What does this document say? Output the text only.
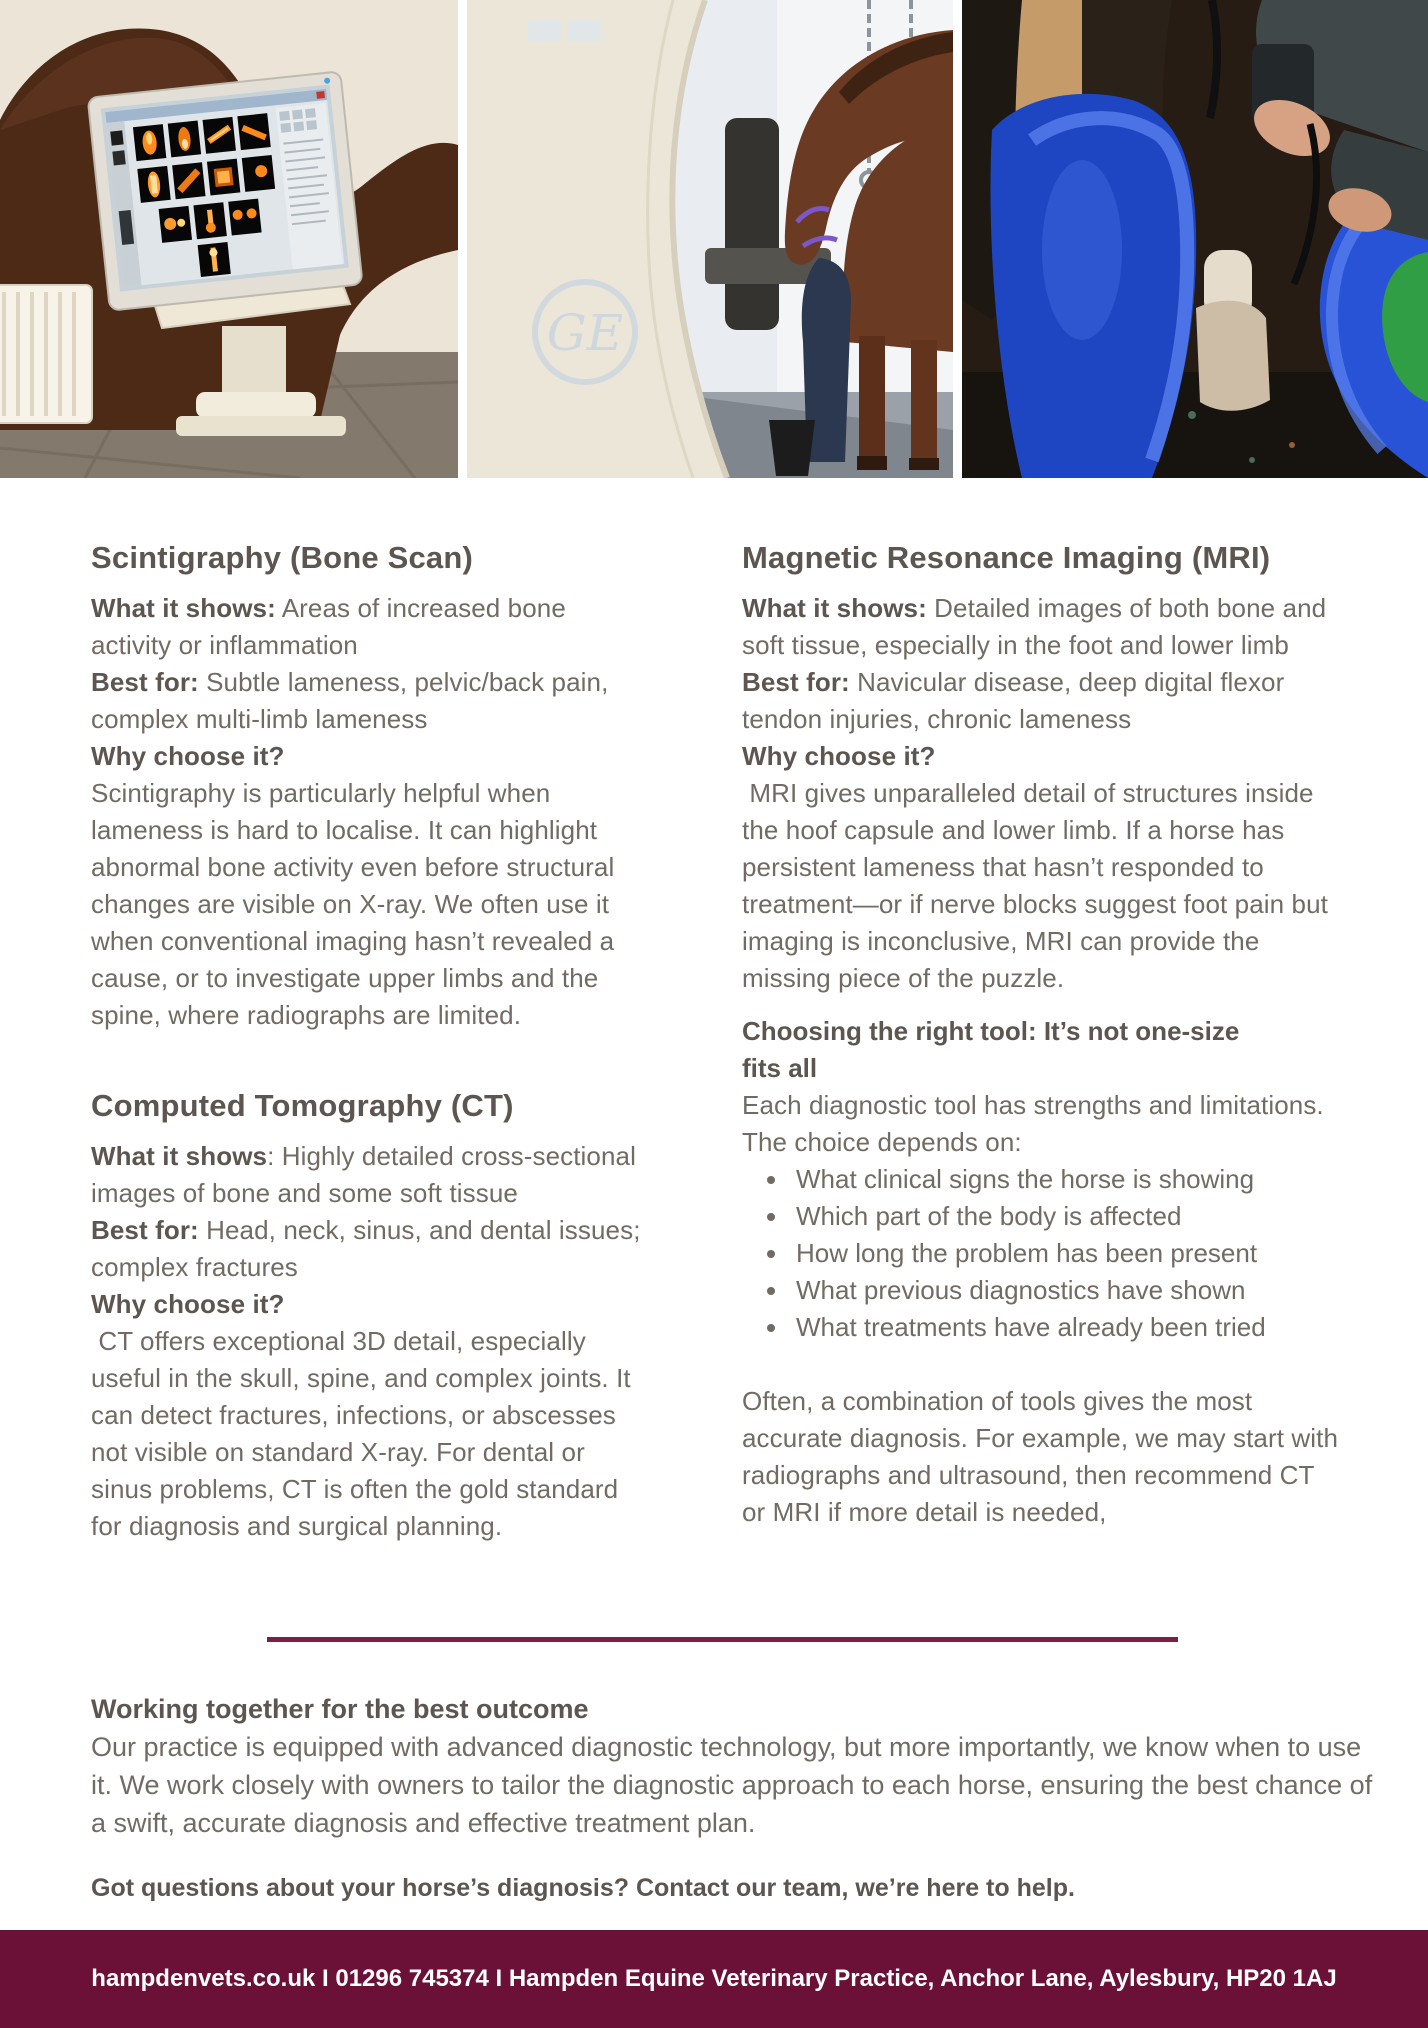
GE
Scintigraphy (Bone Scan)

What it shows: Areas of increased bone activity or inflammation

Best for: Subtle lameness, pelvic/back pain, complex multi-limb lameness

Why choose it?

Scintigraphy is particularly helpful when lameness is hard to localise. It can highlight abnormal bone activity even before structural changes are visible on X-ray. We often use it when conventional imaging hasn’t revealed a cause, or to investigate upper limbs and the spine, where radiographs are limited.

Computed Tomography (CT)

What it shows: Highly detailed cross-sectional images of bone and some soft tissue

Best for: Head, neck, sinus, and dental issues; complex fractures

Why choose it?

CT offers exceptional 3D detail, especially useful in the skull, spine, and complex joints. It can detect fractures, infections, or abscesses not visible on standard X-ray. For dental or sinus problems, CT is often the gold standard for diagnosis and surgical planning.

Magnetic Resonance Imaging (MRI)

What it shows: Detailed images of both bone and soft tissue, especially in the foot and lower limb

Best for: Navicular disease, deep digital flexor tendon injuries, chronic lameness

Why choose it?

MRI gives unparalleled detail of structures inside the hoof capsule and lower limb. If a horse has persistent lameness that hasn’t responded to treatment—or if nerve blocks suggest foot pain but imaging is inconclusive, MRI can provide the missing piece of the puzzle.

Choosing the right tool: It’s not one-size
fits all

Each diagnostic tool has strengths and limitations. The choice depends on:

• What clinical signs the horse is showing
• Which part of the body is affected
• How long the problem has been present
• What previous diagnostics have shown
• What treatments have already been tried

Often, a combination of tools gives the most accurate diagnosis. For example, we may start with radiographs and ultrasound, then recommend CT or MRI if more detail is needed,

Working together for the best outcome

Our practice is equipped with advanced diagnostic technology, but more importantly, we know when to use it. We work closely with owners to tailor the diagnostic approach to each horse, ensuring the best chance of a swift, accurate diagnosis and effective treatment plan.

Got questions about your horse’s diagnosis? Contact our team, we’re here to help.

hampdenvets.co.uk I 01296 745374 I Hampden Equine Veterinary Practice, Anchor Lane, Aylesbury, HP20 1AJ
